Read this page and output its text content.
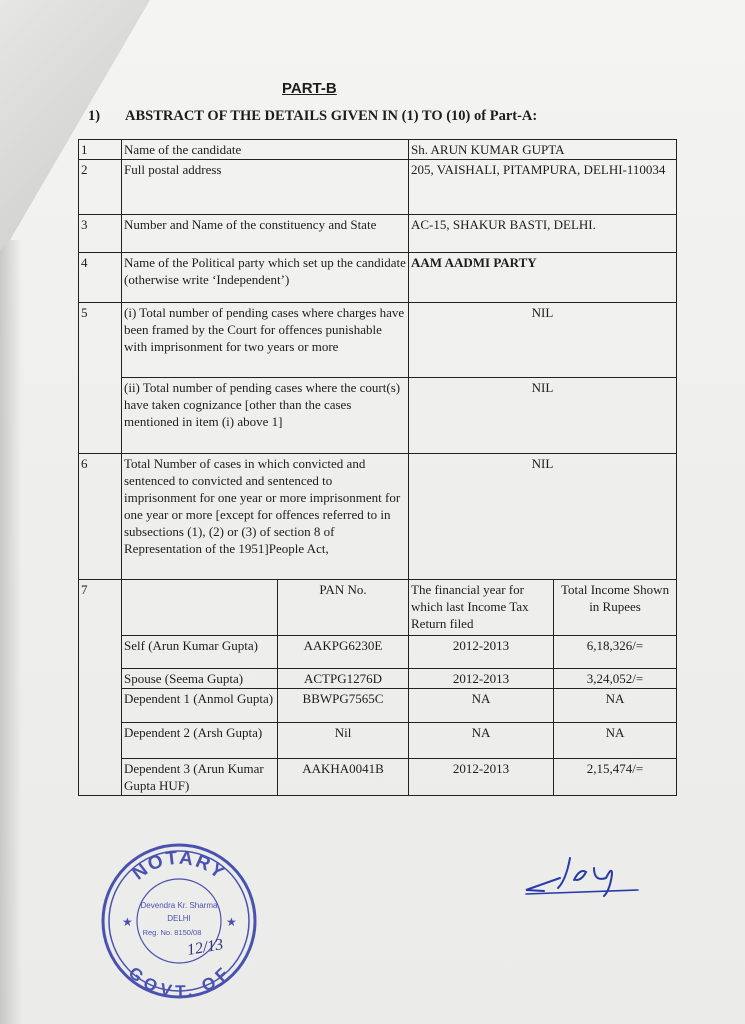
PART-B
1) ABSTRACT OF THE DETAILS GIVEN IN (1) TO (10) of Part-A:
1	Name of the candidate		Sh. ARUN KUMAR GUPTA	
2	Full postal address		205, VAISHALI, PITAMPURA, DELHI-110034	
3	Number and Name of the constituency and State		AC-15, SHAKUR BASTI, DELHI.	
4	Name of the Political party which set up the candidate (otherwise write ‘Independent’)		AAM AADMI PARTY	
5	(i) Total number of pending cases where charges have been framed by the Court for offences punishable with imprisonment for two years or more		NIL	
	(ii) Total number of pending cases where the court(s) have taken cognizance [other than the cases mentioned in item (i) above 1]		NIL	
6	Total Number of cases in which convicted and sentenced to convicted and sentenced to imprisonment for one year or more imprisonment for one year or more [except for offences referred to in subsections (1), (2) or (3) of section 8 of Representation of the 1951]People Act,		NIL	
7		PAN No.	The financial year for which last Income Tax Return filed	Total Income Shown in Rupees
	Self (Arun Kumar Gupta)	AAKPG6230E	2012-2013	6,18,326/=
	Spouse (Seema Gupta)	ACTPG1276D	2012-2013	3,24,052/=
	Dependent 1 (Anmol Gupta)	BBWPG7565C	NA	NA
	Dependent 2 (Arsh Gupta)	Nil	NA	NA
	Dependent 3 (Arun Kumar Gupta HUF)	AAKHA0041B	2012-2013	2,15,474/=
NOTARY
GOVT. OF
★	★
Devendra Kr. Sharma
DELHI
Reg. No. 8150/08
12/13
